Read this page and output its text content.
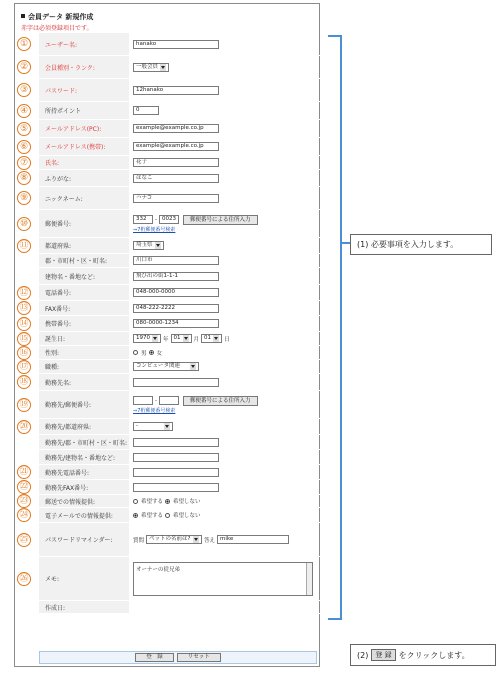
会員データ 新規作成
赤字は必須登録項目です。
①	ユーザー名:	hanako
②	会員種別・ランク:	一般会員
③	パスワード:	12hanako
④	所持ポイント	0
⑤	メールアドレス(PC):	example@example.co.jp
⑥	メールアドレス(携帯):	example@example.co.jp
⑦	氏名:	花子
⑧	ふりがな:	はなこ
⑨	ニックネーム:	ハナコ
⑩	郵便番号:
332	- 0023	郵便番号による住所入力
⇒7桁郵便番号検索
⑪	都道府県:	埼玉県
郡・市町村・区・町名:	川口市
建物名・番地など:	飛び出の街1-1-1
⑫	電話番号:	048-000-0000
⑬	FAX番号:	048-222-2222
⑭	携帯番号:	080-0000-1234
⑮	誕生日:	1970 年 01 月 01 日
⑯	性別:	男 女
⑰	職種:	コンピュータ関連
⑱	勤務先名:
⑲	勤務先/郵便番号:
-	郵便番号による住所入力
⇒7桁郵便番号検索
⑳	勤務先/都道府県:	-
勤務先/郡・市町村・区・町名:
勤務先/建物名・番地など:
㉑	勤務先電話番号:
㉒	勤務先FAX番号:
㉓	郵送での情報提供:	希望する 希望しない
㉔	電子メールでの情報提供:	希望する 希望しない
㉕	パスワードリマインダー:	質問 ペットの名前は? 答え mike
㉖	メモ:
オーナーの従兄弟
作成日:
登　録	リセット
(1) 必要事項を入力します。
(2)	登 録 をクリックします。
